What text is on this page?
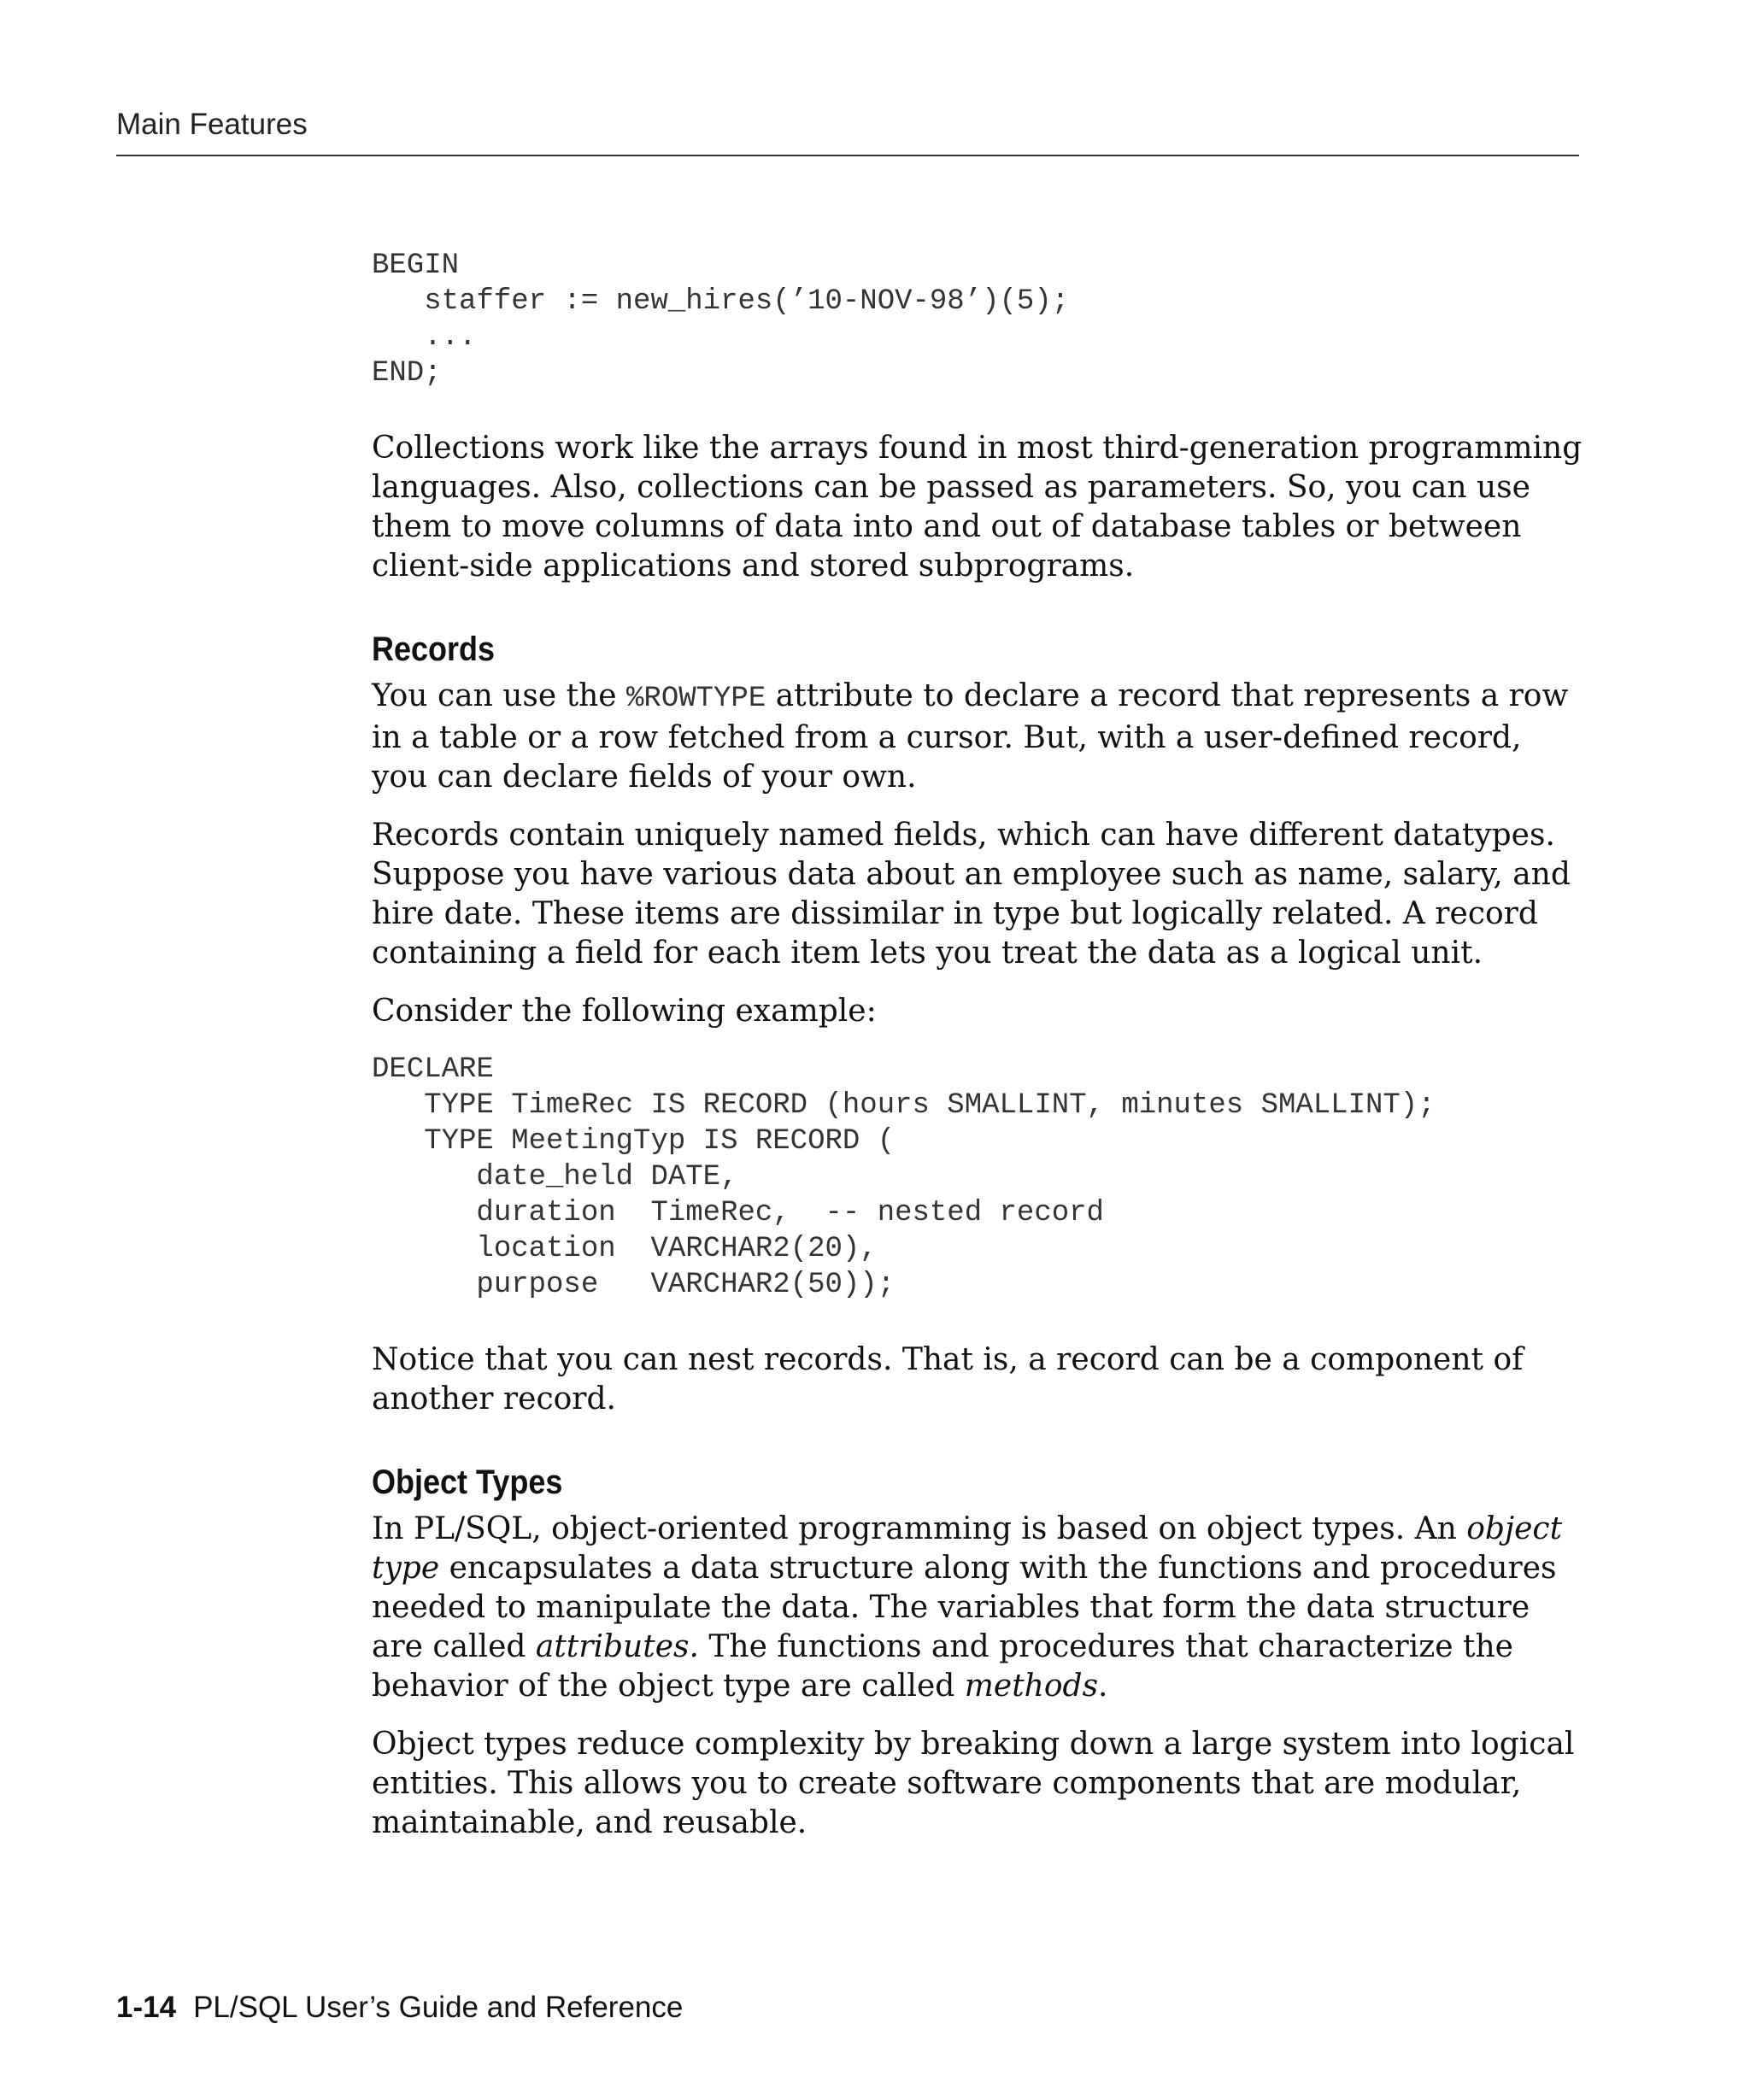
Main Features
BEGIN
staffer := new_hires(’10-NOV-98’)(5);
...
END;

Collections work like the arrays found in most third-generation programming languages. Also, collections can be passed as parameters. So, you can use them to move columns of data into and out of database tables or between client-side applications and stored subprograms.

Records

You can use the %ROWTYPE attribute to declare a record that represents a row in a table or a row fetched from a cursor. But, with a user-defined record, you can declare fields of your own.

Records contain uniquely named fields, which can have different datatypes. Suppose you have various data about an employee such as name, salary, and hire date. These items are dissimilar in type but logically related. A record containing a field for each item lets you treat the data as a logical unit.

Consider the following example:

DECLARE
TYPE TimeRec IS RECORD (hours SMALLINT, minutes SMALLINT);
TYPE MeetingTyp IS RECORD (
date_held DATE,
duration  TimeRec,  -- nested record
location  VARCHAR2(20),
purpose   VARCHAR2(50));

Notice that you can nest records. That is, a record can be a component of another record.

Object Types

In PL/SQL, object-oriented programming is based on object types. An object type encapsulates a data structure along with the functions and procedures needed to manipulate the data. The variables that form the data structure are called attributes. The functions and procedures that characterize the behavior of the object type are called methods.

Object types reduce complexity by breaking down a large system into logical entities. This allows you to create software components that are modular, maintainable, and reusable.

1-14 PL/SQL User’s Guide and Reference
